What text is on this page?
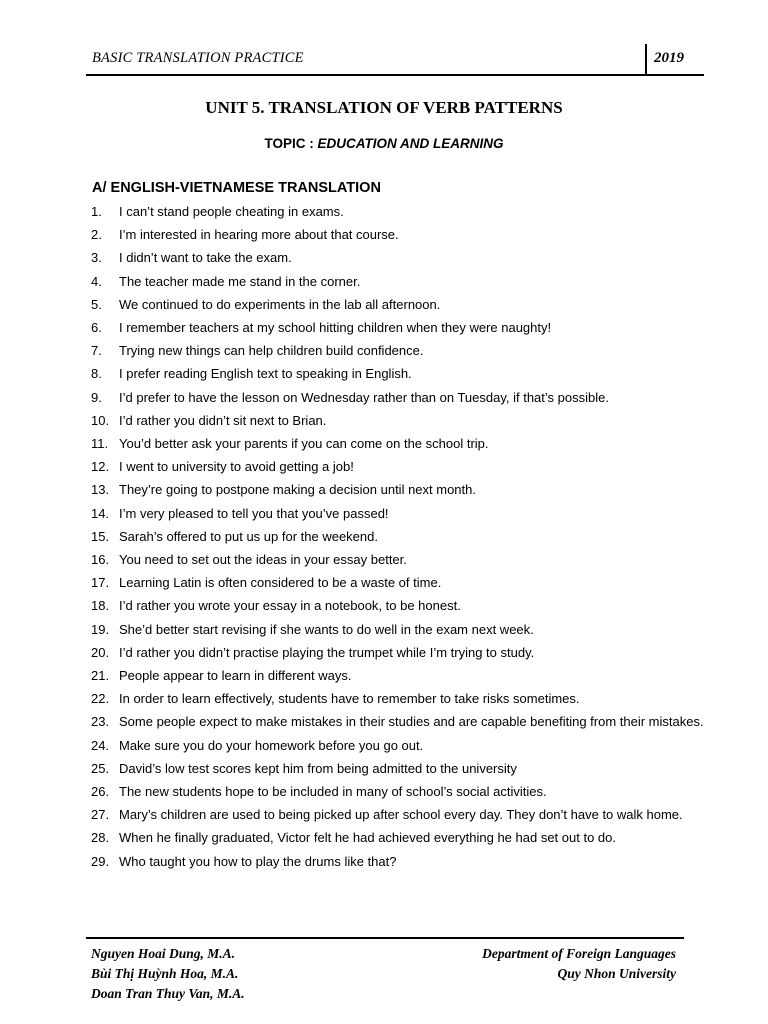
BASIC TRANSLATION PRACTICE	2019
UNIT 5. TRANSLATION OF VERB PATTERNS
TOPIC : EDUCATION AND LEARNING
A/ ENGLISH-VIETNAMESE TRANSLATION
1. I can’t stand people cheating in exams.
2. I’m interested in hearing more about that course.
3. I didn’t want to take the exam.
4. The teacher made me stand in the corner.
5. We continued to do experiments in the lab all afternoon.
6. I remember teachers at my school hitting children when they were naughty!
7. Trying new things can help children build confidence.
8. I prefer reading English text to speaking in English.
9. I’d prefer to have the lesson on Wednesday rather than on Tuesday, if that’s possible.
10. I’d rather you didn’t sit next to Brian.
11. You’d better ask your parents if you can come on the school trip.
12. I went to university to avoid getting a job!
13. They’re going to postpone making a decision until next month.
14. I’m very pleased to tell you that you’ve passed!
15. Sarah’s offered to put us up for the weekend.
16. You need to set out the ideas in your essay better.
17. Learning Latin is often considered to be a waste of time.
18. I’d rather you wrote your essay in a notebook, to be honest.
19. She’d better start revising if she wants to do well in the exam next week.
20. I’d rather you didn’t practise playing the trumpet while I’m trying to study.
21. People appear to learn in different ways.
22. In order to learn effectively, students have to remember to take risks sometimes.
23. Some people expect to make mistakes in their studies and are capable benefiting from their mistakes.
24. Make sure you do your homework before you go out.
25. David’s low test scores kept him from being admitted to the university
26. The new students hope to be included in many of school’s social activities.
27. Mary’s children are used to being picked up after school every day. They don’t have to walk home.
28. When he finally graduated, Victor felt he had achieved everything he had set out to do.
29. Who taught you how to play the drums like that?
Nguyen Hoai Dung, M.A.
Bùi Thị Huỳnh Hoa, M.A.
Doan Tran Thuy Van, M.A.
Department of Foreign Languages
Quy Nhon University
